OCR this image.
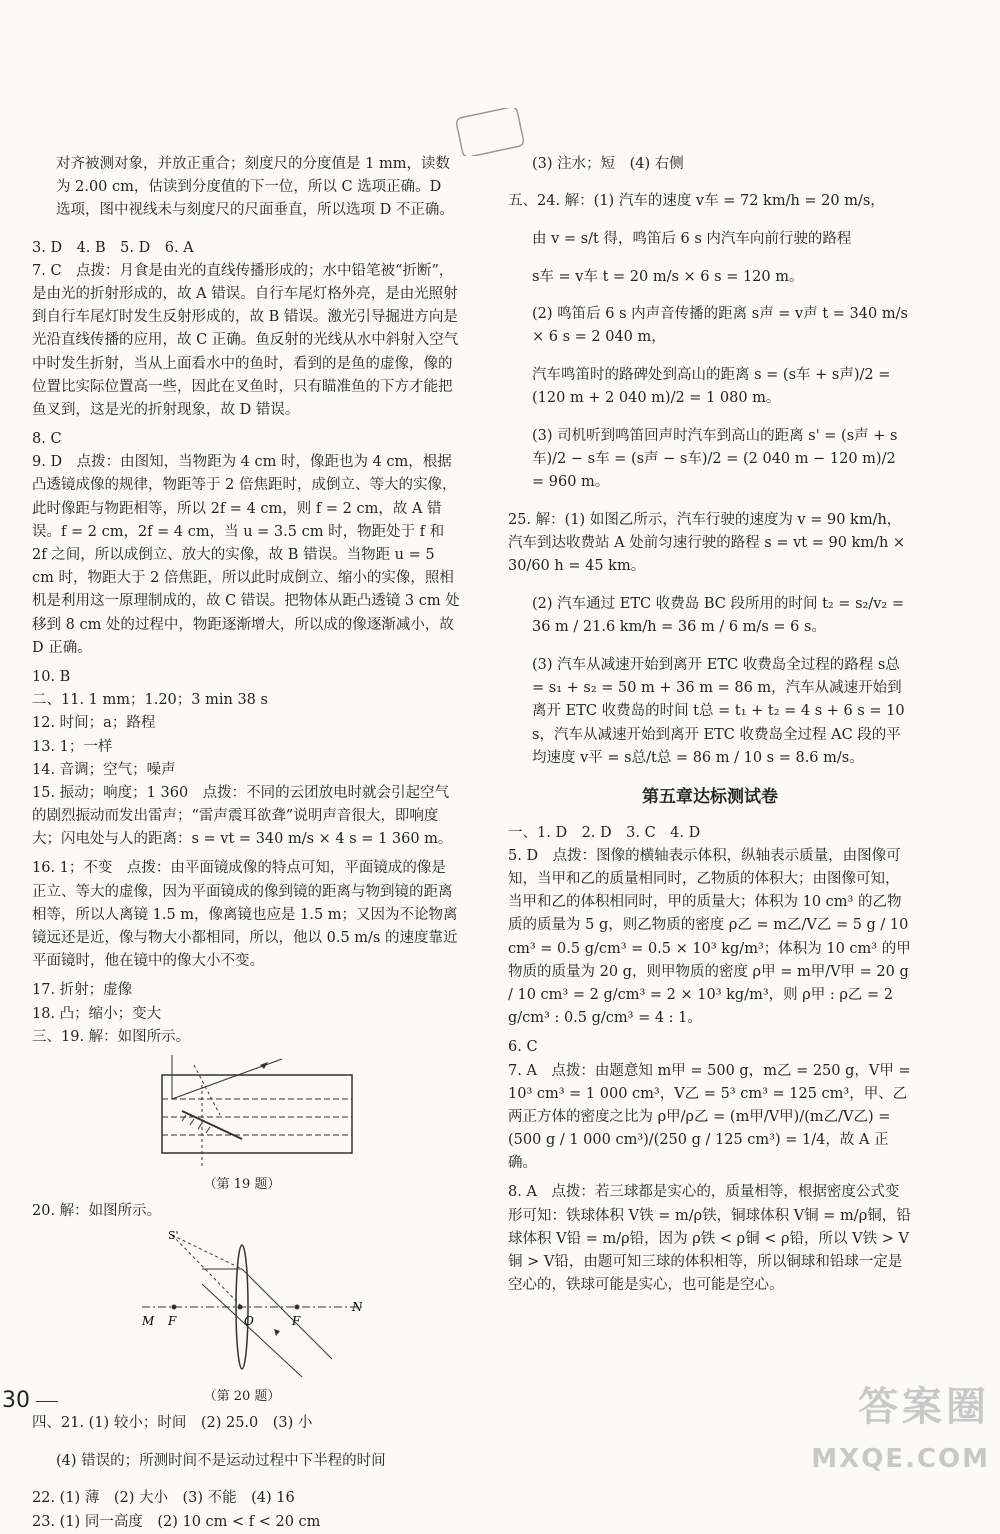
对齐被测对象，并放正重合；刻度尺的分度值是 1 mm，读数为 2.00 cm，估读到分度值的下一位，所以 C 选项正确。D 选项，图中视线未与刻度尺的尺面垂直，所以选项 D 不正确。

3. D　4. B　5. D　6. A

7. C　点拨：月食是由光的直线传播形成的；水中铅笔被“折断”，是由光的折射形成的，故 A 错误。自行车尾灯格外亮，是由光照射到自行车尾灯时发生反射形成的，故 B 错误。激光引导掘进方向是光沿直线传播的应用，故 C 正确。鱼反射的光线从水中斜射入空气中时发生折射，当从上面看水中的鱼时，看到的是鱼的虚像，像的位置比实际位置高一些，因此在叉鱼时，只有瞄准鱼的下方才能把鱼叉到，这是光的折射现象，故 D 错误。

8. C

9. D　点拨：由图知，当物距为 4 cm 时，像距也为 4 cm，根据凸透镜成像的规律，物距等于 2 倍焦距时，成倒立、等大的实像，此时像距与物距相等，所以 2f = 4 cm，则 f = 2 cm，故 A 错误。f = 2 cm，2f = 4 cm，当 u = 3.5 cm 时，物距处于 f 和 2f 之间，所以成倒立、放大的实像，故 B 错误。当物距 u = 5 cm 时，物距大于 2 倍焦距，所以此时成倒立、缩小的实像，照相机是利用这一原理制成的，故 C 错误。把物体从距凸透镜 3 cm 处移到 8 cm 处的过程中，物距逐渐增大，所以成的像逐渐减小，故 D 正确。

10. B

二、11. 1 mm；1.20；3 min 38 s

12. 时间；a；路程

13. 1；一样

14. 音调；空气；噪声

15. 振动；响度；1 360　点拨：不同的云团放电时就会引起空气的剧烈振动而发出雷声；“雷声震耳欲聋”说明声音很大，即响度大；闪电处与人的距离：s = vt = 340 m/s × 4 s = 1 360 m。

16. 1；不变　点拨：由平面镜成像的特点可知，平面镜成的像是正立、等大的虚像，因为平面镜成的像到镜的距离与物到镜的距离相等，所以人离镜 1.5 m，像离镜也应是 1.5 m；又因为不论物离镜远还是近，像与物大小都相同，所以，他以 0.5 m/s 的速度靠近平面镜时，他在镜中的像大小不变。

17. 折射；虚像

18. 凸；缩小；变大

三、19. 解：如图所示。

（第 19 题）

20. 解：如图所示。

S'
M F	O	F
N
（第 20 题）

四、21. (1) 较小；时间　(2) 25.0　(3) 小

(4) 错误的；所测时间不是运动过程中下半程的时间

22. (1) 薄　(2) 大小　(3) 不能　(4) 16

23. (1) 同一高度　(2) 10 cm < f < 20 cm

(3) 注水；短　(4) 右侧

五、24. 解：(1) 汽车的速度 v车 = 72 km/h = 20 m/s，

由 v = s/t 得，鸣笛后 6 s 内汽车向前行驶的路程

s车 = v车 t = 20 m/s × 6 s = 120 m。

(2) 鸣笛后 6 s 内声音传播的距离 s声 = v声 t = 340 m/s × 6 s = 2 040 m，

汽车鸣笛时的路碑处到高山的距离 s = (s车 + s声)/2 = (120 m + 2 040 m)/2 = 1 080 m。

(3) 司机听到鸣笛回声时汽车到高山的距离 s' = (s声 + s车)/2 − s车 = (s声 − s车)/2 = (2 040 m − 120 m)/2 = 960 m。

25. 解：(1) 如图乙所示，汽车行驶的速度为 v = 90 km/h，汽车到达收费站 A 处前匀速行驶的路程 s = vt = 90 km/h × 30/60 h = 45 km。

(2) 汽车通过 ETC 收费岛 BC 段所用的时间 t₂ = s₂/v₂ = 36 m / 21.6 km/h = 36 m / 6 m/s = 6 s。

(3) 汽车从减速开始到离开 ETC 收费岛全过程的路程 s总 = s₁ + s₂ = 50 m + 36 m = 86 m，汽车从减速开始到离开 ETC 收费岛的时间 t总 = t₁ + t₂ = 4 s + 6 s = 10 s，汽车从减速开始到离开 ETC 收费岛全过程 AC 段的平均速度 v平 = s总/t总 = 86 m / 10 s = 8.6 m/s。

第五章达标测试卷

一、1. D　2. D　3. C　4. D

5. D　点拨：图像的横轴表示体积，纵轴表示质量，由图像可知，当甲和乙的质量相同时，乙物质的体积大；由图像可知，当甲和乙的体积相同时，甲的质量大；体积为 10 cm³ 的乙物质的质量为 5 g，则乙物质的密度 ρ乙 = m乙/V乙 = 5 g / 10 cm³ = 0.5 g/cm³ = 0.5 × 10³ kg/m³；体积为 10 cm³ 的甲物质的质量为 20 g，则甲物质的密度 ρ甲 = m甲/V甲 = 20 g / 10 cm³ = 2 g/cm³ = 2 × 10³ kg/m³，则 ρ甲 : ρ乙 = 2 g/cm³ : 0.5 g/cm³ = 4 : 1。

6. C

7. A　点拨：由题意知 m甲 = 500 g，m乙 = 250 g，V甲 = 10³ cm³ = 1 000 cm³，V乙 = 5³ cm³ = 125 cm³，甲、乙两正方体的密度之比为 ρ甲/ρ乙 = (m甲/V甲)/(m乙/V乙) = (500 g / 1 000 cm³)/(250 g / 125 cm³) = 1/4，故 A 正确。

8. A　点拨：若三球都是实心的，质量相等，根据密度公式变形可知：铁球体积 V铁 = m/ρ铁，铜球体积 V铜 = m/ρ铜，铅球体积 V铅 = m/ρ铅，因为 ρ铁 < ρ铜 < ρ铅，所以 V铁 > V铜 > V铅，由题可知三球的体积相等，所以铜球和铅球一定是空心的，铁球可能是实心，也可能是空心。

30	答案圈
MXQE.COM
